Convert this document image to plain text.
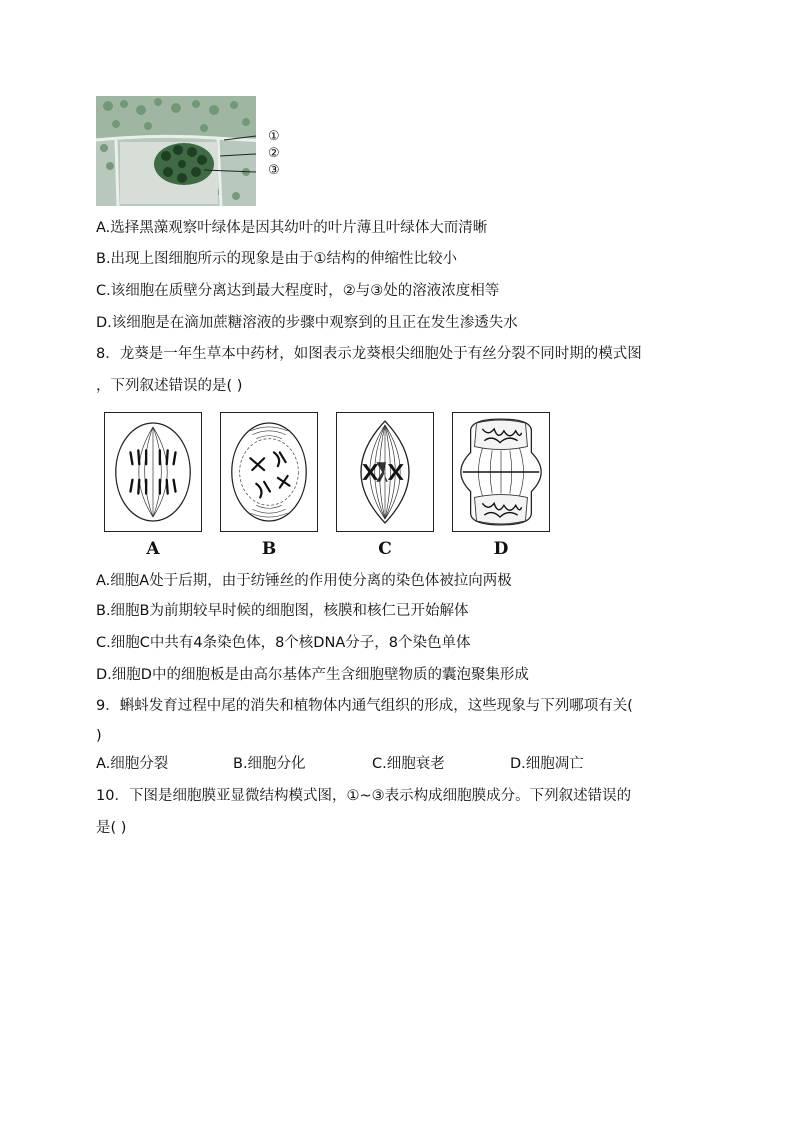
①
②
③
A.选择黑藻观察叶绿体是因其幼叶的叶片薄且叶绿体大而清晰
B.出现上图细胞所示的现象是由于①结构的伸缩性比较小
C.该细胞在质壁分离达到最大程度时，②与③处的溶液浓度相等
D.该细胞是在滴加蔗糖溶液的步骤中观察到的且正在发生渗透失水
8．龙葵是一年生草本中药材，如图表示龙葵根尖细胞处于有丝分裂不同时期的模式图
，下列叙述错误的是( )
A	B	C	D
A.细胞A处于后期，由于纺锤丝的作用使分离的染色体被拉向两极
B.细胞B为前期较早时候的细胞图，核膜和核仁已开始解体
C.细胞C中共有4条染色体，8个核DNA分子，8个染色单体
D.细胞D中的细胞板是由高尔基体产生含细胞壁物质的囊泡聚集形成
9．蝌蚪发育过程中尾的消失和植物体内通气组织的形成，这些现象与下列哪项有关(
)
A.细胞分裂	B.细胞分化	C.细胞衰老	D.细胞凋亡
10．下图是细胞膜亚显微结构模式图，①~③表示构成细胞膜成分。下列叙述错误的
是( )
